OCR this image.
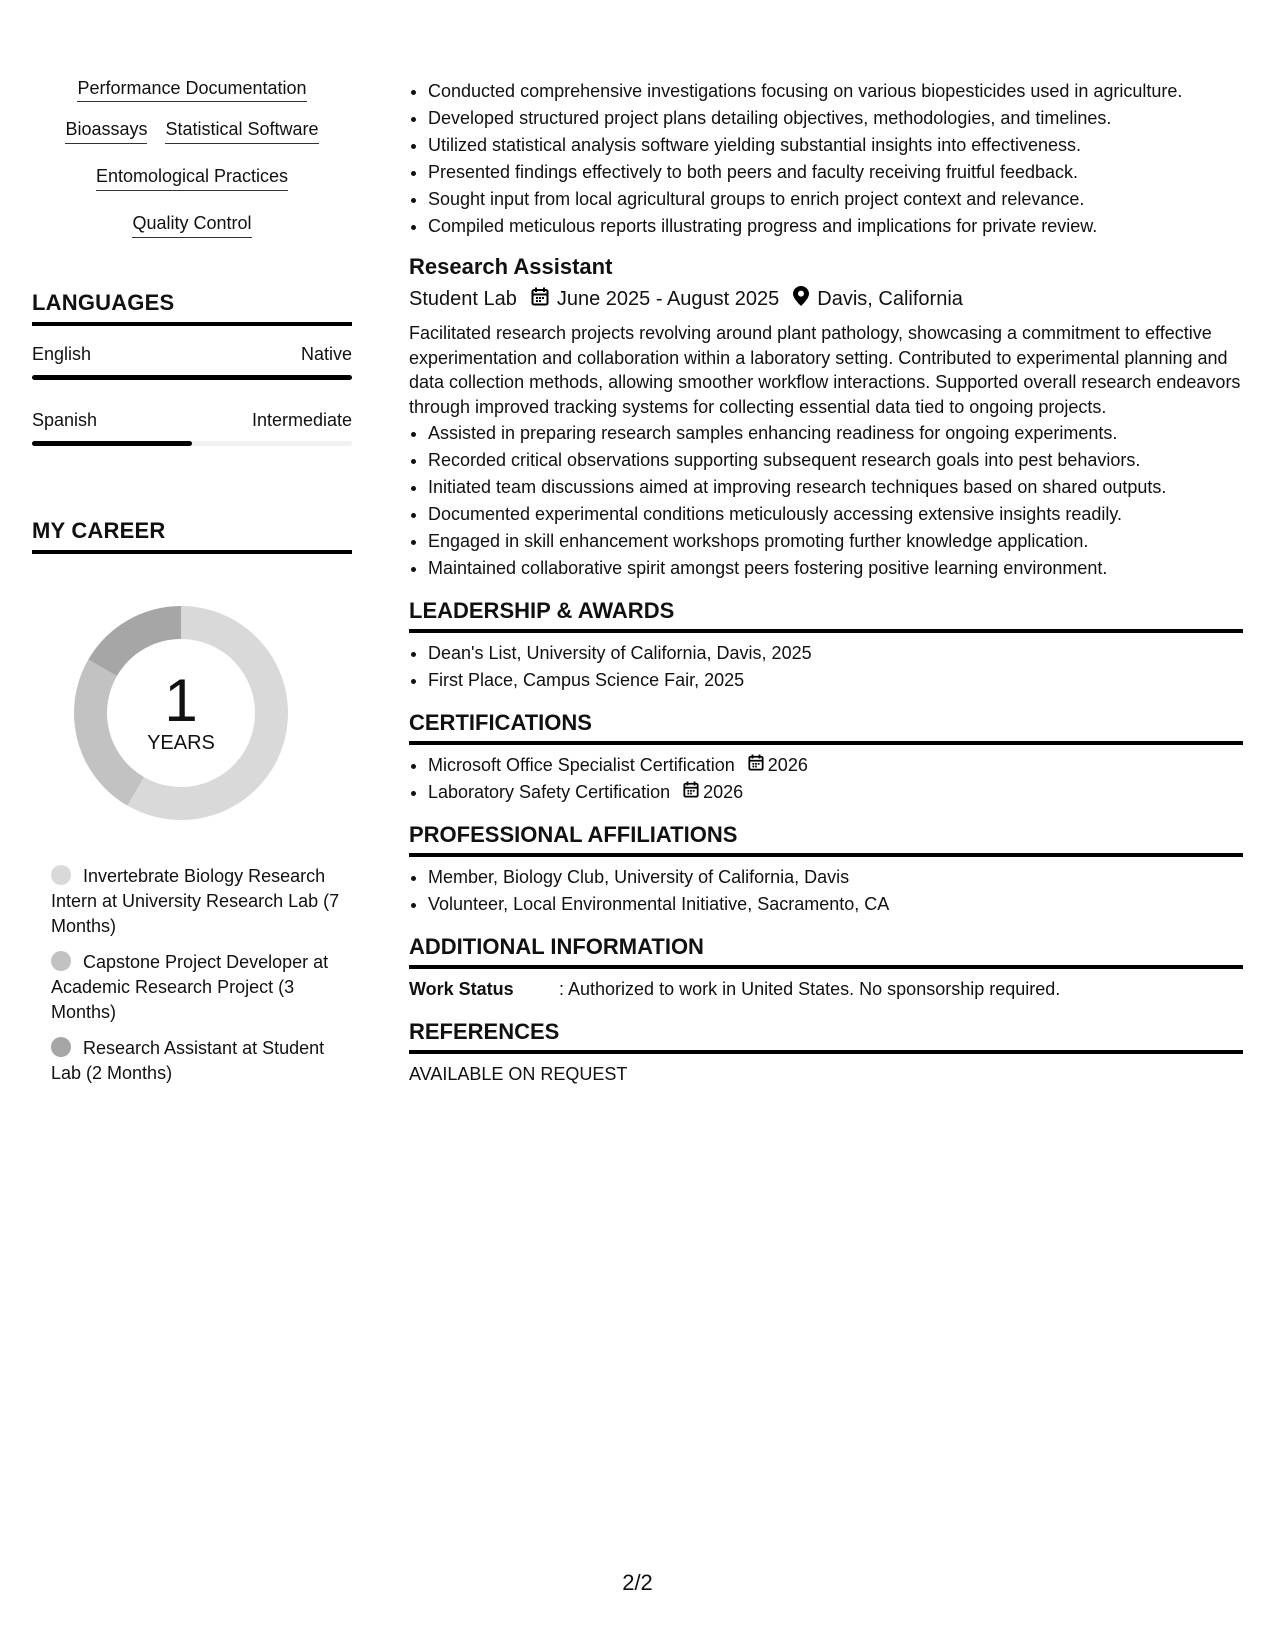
Performance Documentation
Bioassays Statistical Software
Entomological Practices
Quality Control
LANGUAGES
English	Native
Spanish	Intermediate
MY CAREER
1
YEARS
Invertebrate Biology Research Intern at University Research Lab (7 Months)
Capstone Project Developer at Academic Research Project (3 Months)
Research Assistant at Student Lab (2 Months)
• Conducted comprehensive investigations focusing on various biopesticides used in agriculture.
• Developed structured project plans detailing objectives, methodologies, and timelines.
• Utilized statistical analysis software yielding substantial insights into effectiveness.
• Presented findings effectively to both peers and faculty receiving fruitful feedback.
• Sought input from local agricultural groups to enrich project context and relevance.
• Compiled meticulous reports illustrating progress and implications for private review.
Research Assistant
Student Lab June 2025 - August 2025 Davis, California
Facilitated research projects revolving around plant pathology, showcasing a commitment to effective experimentation and collaboration within a laboratory setting. Contributed to experimental planning and data collection methods, allowing smoother workflow interactions. Supported overall research endeavors through improved tracking systems for collecting essential data tied to ongoing projects.
• Assisted in preparing research samples enhancing readiness for ongoing experiments.
• Recorded critical observations supporting subsequent research goals into pest behaviors.
• Initiated team discussions aimed at improving research techniques based on shared outputs.
• Documented experimental conditions meticulously accessing extensive insights readily.
• Engaged in skill enhancement workshops promoting further knowledge application.
• Maintained collaborative spirit amongst peers fostering positive learning environment.
LEADERSHIP & AWARDS
• Dean's List, University of California, Davis, 2025
• First Place, Campus Science Fair, 2025
CERTIFICATIONS
• Microsoft Office Specialist Certification 2026
• Laboratory Safety Certification 2026
PROFESSIONAL AFFILIATIONS
• Member, Biology Club, University of California, Davis
• Volunteer, Local Environmental Initiative, Sacramento, CA
ADDITIONAL INFORMATION
Work Status	: Authorized to work in United States. No sponsorship required.
REFERENCES
AVAILABLE ON REQUEST
2/2
